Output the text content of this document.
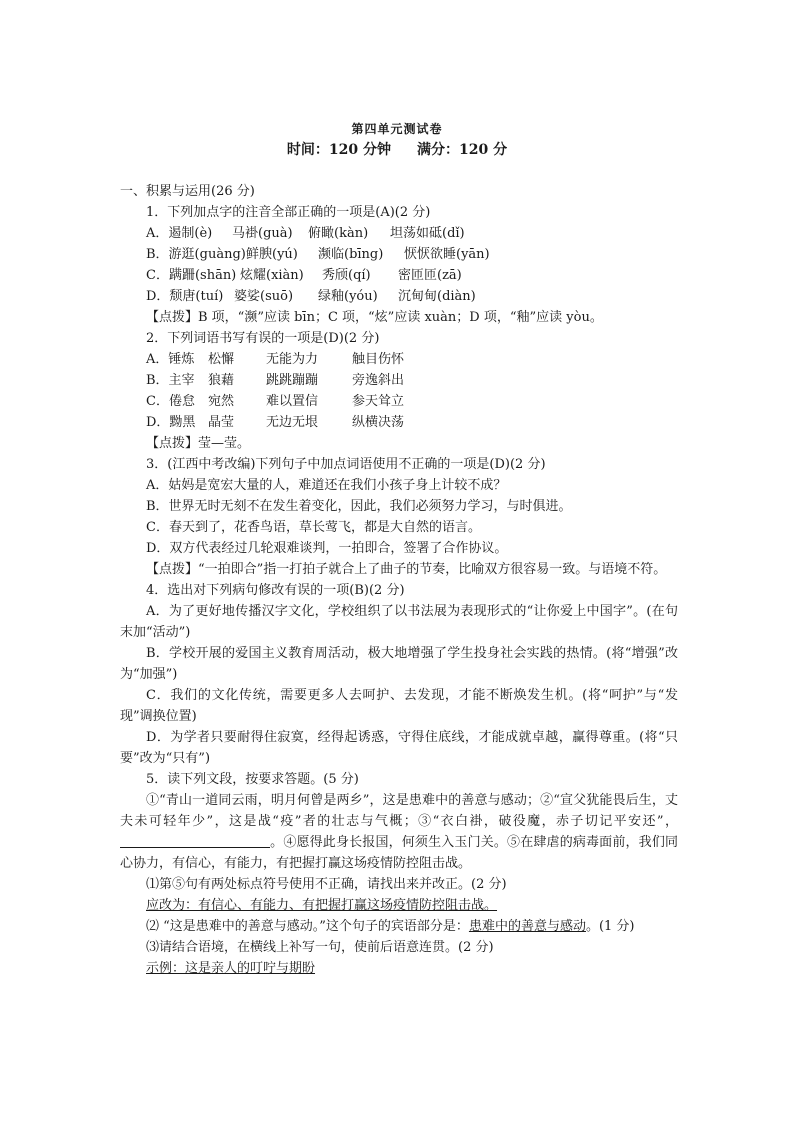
第四单元测试卷
时间：120 分钟 满分：120 分
一、积累与运用(26 分)
1．下列加点字的注音全部正确的一项是(A)(2 分)
A．遏制(è) 马褂(guà) 俯瞰(kàn) 坦荡如砥(dǐ)
B．游逛(guàng)鲜腴(yú) 濒临(bīng) 恹恹欲睡(yān)
C．蹒跚(shān) 炫耀(xiàn) 秀颀(qí) 密匝匝(zā)
D．颓唐(tuí) 婆娑(suō) 绿釉(yóu) 沉甸甸(diàn)
【点拨】B 项，“濒”应读 bīn；C 项，“炫”应读 xuàn；D 项，“釉”应读 yòu。
2．下列词语书写有误的一项是(D)(2 分)
A．锤炼 松懈 无能为力	触目伤怀
B．主宰 狼藉 跳跳蹦蹦	旁逸斜出
C．倦怠 宛然 难以置信	参天耸立
D．黝黑 晶莹 无边无垠	纵横决荡
【点拨】莹—莹。
3．(江西中考改编)下列句子中加点词语使用不正确的一项是(D)(2 分)
A．姑妈是宽宏大量的人，难道还在我们小孩子身上计较不成？
B．世界无时无刻不在发生着变化，因此，我们必须努力学习，与时俱进。
C．春天到了，花香鸟语，草长莺飞，都是大自然的语言。
D．双方代表经过几轮艰难谈判，一拍即合，签署了合作协议。
【点拨】“一拍即合”指一打拍子就合上了曲子的节奏，比喻双方很容易一致。与语境不符。
4．选出对下列病句修改有误的一项(B)(2 分)
A．为了更好地传播汉字文化，学校组织了以书法展为表现形式的“让你爱上中国字”。(在句末加“活动”)
B．学校开展的爱国主义教育周活动，极大地增强了学生投身社会实践的热情。(将“增强”改为“加强”)
C．我们的文化传统，需要更多人去呵护、去发现，才能不断焕发生机。(将“呵护”与“发现”调换位置)
D．为学者只要耐得住寂寞，经得起诱惑，守得住底线，才能成就卓越，赢得尊重。(将“只要”改为“只有”)
5．读下列文段，按要求答题。(5 分)
①“青山一道同云雨，明月何曾是两乡”，这是患难中的善意与感动；②“宣父犹能畏后生，丈夫未可轻年少”，这是战“疫”者的壮志与气概；③“衣白褂，破役魔，赤子切记平安还”，。④愿得此身长报国，何须生入玉门关。⑤在肆虐的病毒面前，我们同心协力，有信心，有能力，有把握打赢这场疫情防控阻击战。
⑴第⑤句有两处标点符号使用不正确，请找出来并改正。(2 分)
应改为：有信心、有能力、有把握打赢这场疫情防控阻击战。
⑵ “这是患难中的善意与感动。”这个句子的宾语部分是：患难中的善意与感动。(1 分)
⑶请结合语境，在横线上补写一句，使前后语意连贯。(2 分)
示例：这是亲人的叮咛与期盼
